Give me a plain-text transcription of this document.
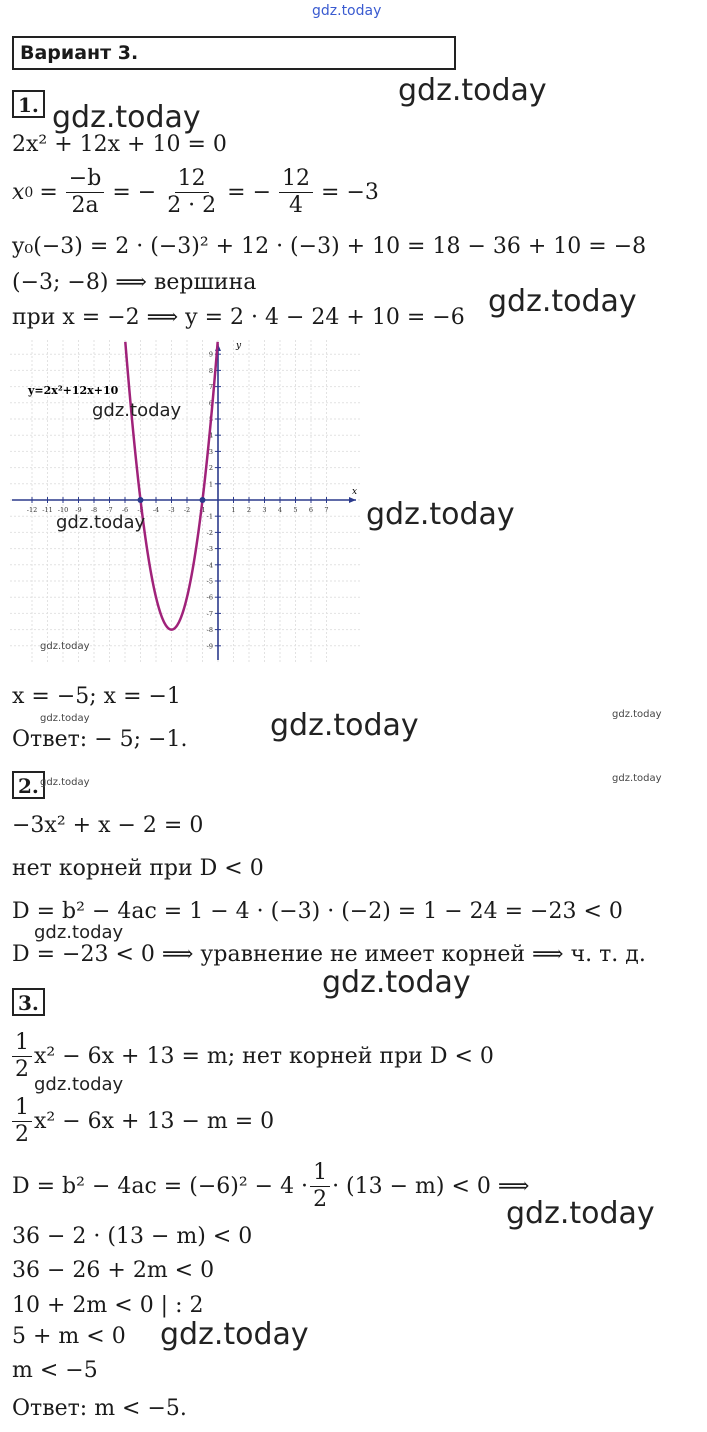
gdz.today
Вариант 3.
1. gdz.today
gdz.today
2x² + 12x + 10 = 0
x $0 = \frac{-b}{2a}$ = − $\frac{12}{2 \cdot 2}$ = − $\frac{12}{4} = -3$
y₀(−3) = 2 · (−3)² + 12 · (−3) + 10 = 18 − 36 + 10 = −8
(−3; −8) ⟹ вершина
при x = −2 ⟹ y = 2 · 4 − 24 + 10 = −6 gdz.today
-12 -11 -10 -9 -8 -7 -6 -5 -4 -3 -2 -1	1 2 3 4 5 6 7
-9
-8
-7
-6
-5
-4
-3
-2
-1
1
2
3
4
5
6
7
8
9
y=2x²+12x+10
x
y
gdz.today
gdz.today
gdz.today
gdz.today
x = −5; x = −1
gdz.today	gdz.today	gdz.today
Ответ: − 5; −1.
2. gdz.today	gdz.today
−3x² + x − 2 = 0
нет корней при D < 0
D = b² − 4ac = 1 − 4 · (−3) · (−2) = 1 − 24 = −23 < 0
gdz.today
D = −23 < 0 ⟹ уравнение не имеет корней ⟹ ч. т. д.
gdz.today
3.
$\frac{1}{2} x^2 - 6x + 13 = m$; нет корней при D < 0
gdz.today
$\frac{1}{2} x^2 - 6x + 13 - m = 0$
$D = b^2 - 4ac = (-6)^2 - 4 \cdot \frac{1}{2} \cdot (13 - m) < 0$ ⟹
gdz.today
36 − 2 · (13 − m) < 0
36 − 26 + 2m < 0
10 + 2m < 0 | : 2
5 + m < 0 gdz.today
m < −5
Ответ: m < −5.
